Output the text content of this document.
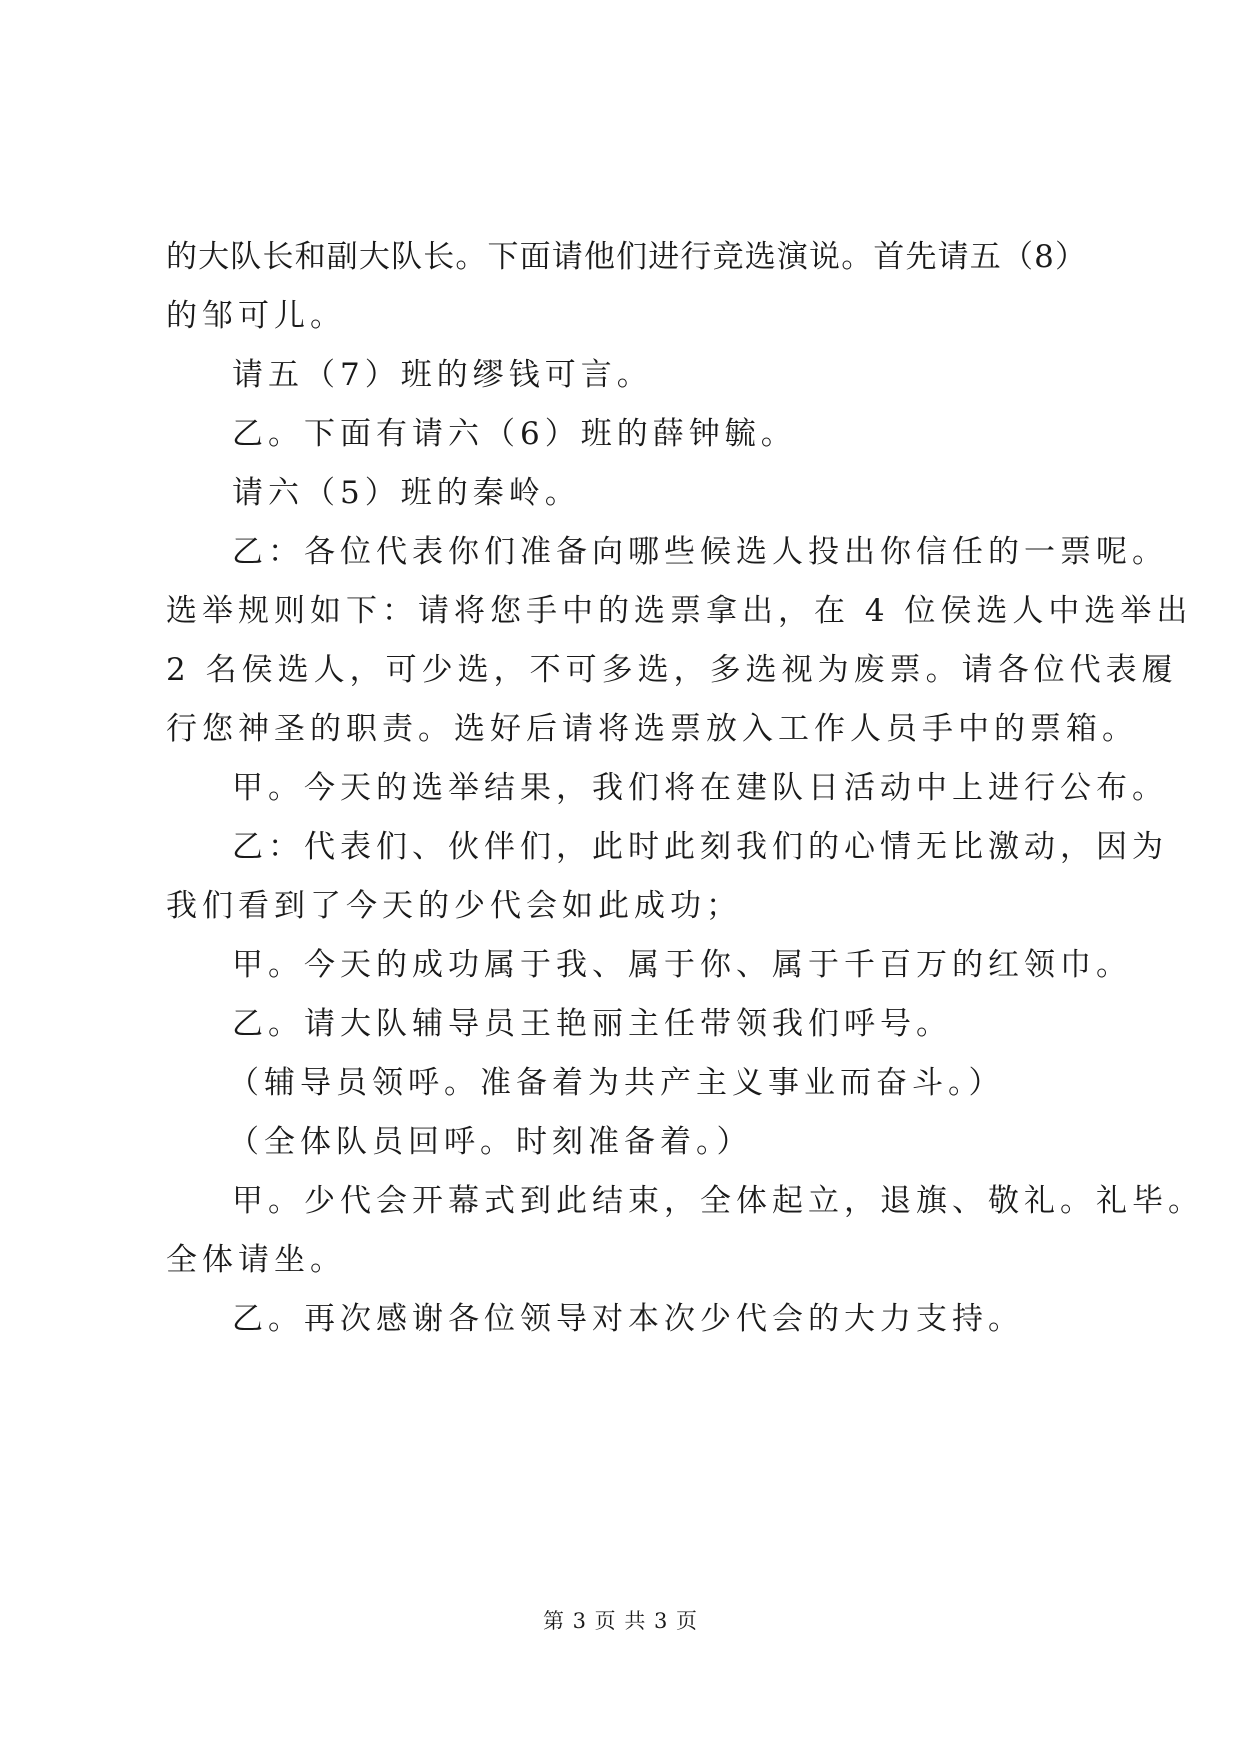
的大队长和副大队长。下面请他们进行竞选演说。首先请五（8）
的邹可儿。
请五（7）班的缪钱可言。
乙。下面有请六（6）班的薛钟毓。
请六（5）班的秦岭。
乙：各位代表你们准备向哪些候选人投出你信任的一票呢。
选举规则如下：请将您手中的选票拿出，在 4 位侯选人中选举出
2 名侯选人，可少选，不可多选，多选视为废票。请各位代表履
行您神圣的职责。选好后请将选票放入工作人员手中的票箱。
甲。今天的选举结果，我们将在建队日活动中上进行公布。
乙：代表们、伙伴们，此时此刻我们的心情无比激动，因为
我们看到了今天的少代会如此成功；
甲。今天的成功属于我、属于你、属于千百万的红领巾。
乙。请大队辅导员王艳丽主任带领我们呼号。
（辅导员领呼。准备着为共产主义事业而奋斗。）
（全体队员回呼。时刻准备着。）
甲。少代会开幕式到此结束，全体起立，退旗、敬礼。礼毕。
全体请坐。
乙。再次感谢各位领导对本次少代会的大力支持。
第 3 页 共 3 页
